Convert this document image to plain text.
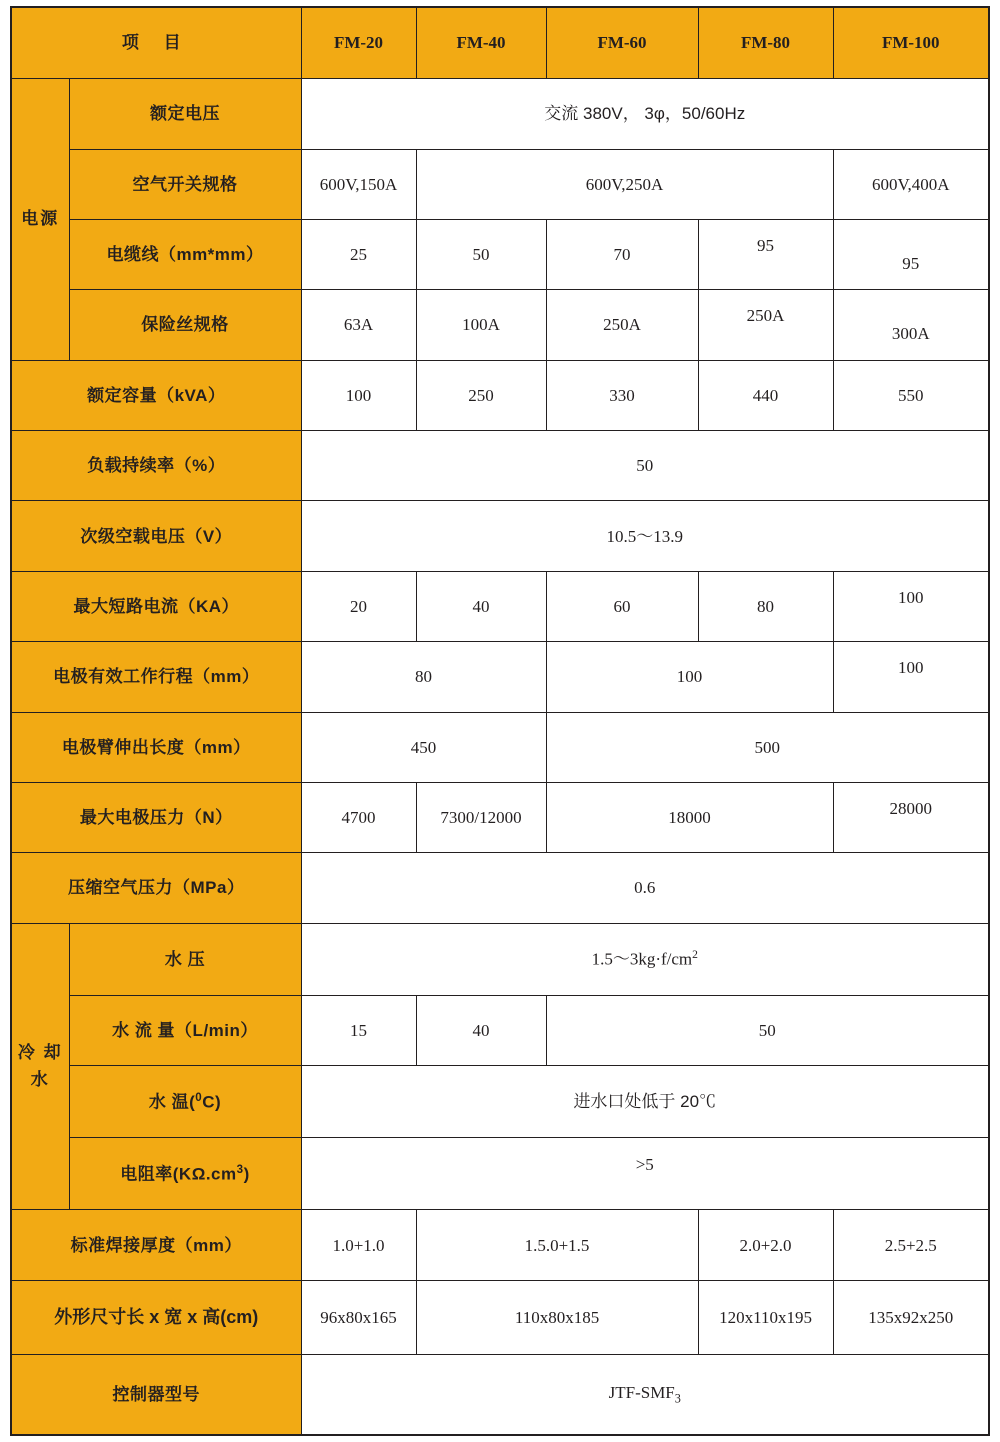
项 目		FM-20	FM-40	FM-60	FM-80	FM-100

电源	额定电压	交流 380V， 3φ，50/60Hz				
	空气开关规格	600V,150A	600V,250A			600V,400A
	电缆线（mm*mm）	25	50	70	95	95
	保险丝规格	63A	100A	250A	250A	300A
额定容量（kVA）		100	250	330	440	550
负载持续率（%）		50				
次级空载电压（V）		10.5～13.9				
最大短路电流（KA）		20	40	60	80	100
电极有效工作行程（mm）		80		100		100
电极臂伸出长度（mm）		450		500		
最大电极压力（N）		4700	7300/12000	18000		28000
压缩空气压力（MPa）		0.6				

冷 却 水	水 压	$1.5\sim 3kg\cdot f/cm^2$
	水 流 量（L/min）	15	40	50		
	水 温($^0$C)	进水口处低于 20℃				
	电阻率$(K\Omega.cm^3)$	>5				
标准焊接厚度（mm）		1.0+1.0	1.5.0+1.5		2.0+2.0	2.5+2.5
外形尺寸长 x 宽 x 高(cm)		96x80x165	110x80x185		120x110x195	135x92x250
控制器型号		JTF-$SMF_3$
